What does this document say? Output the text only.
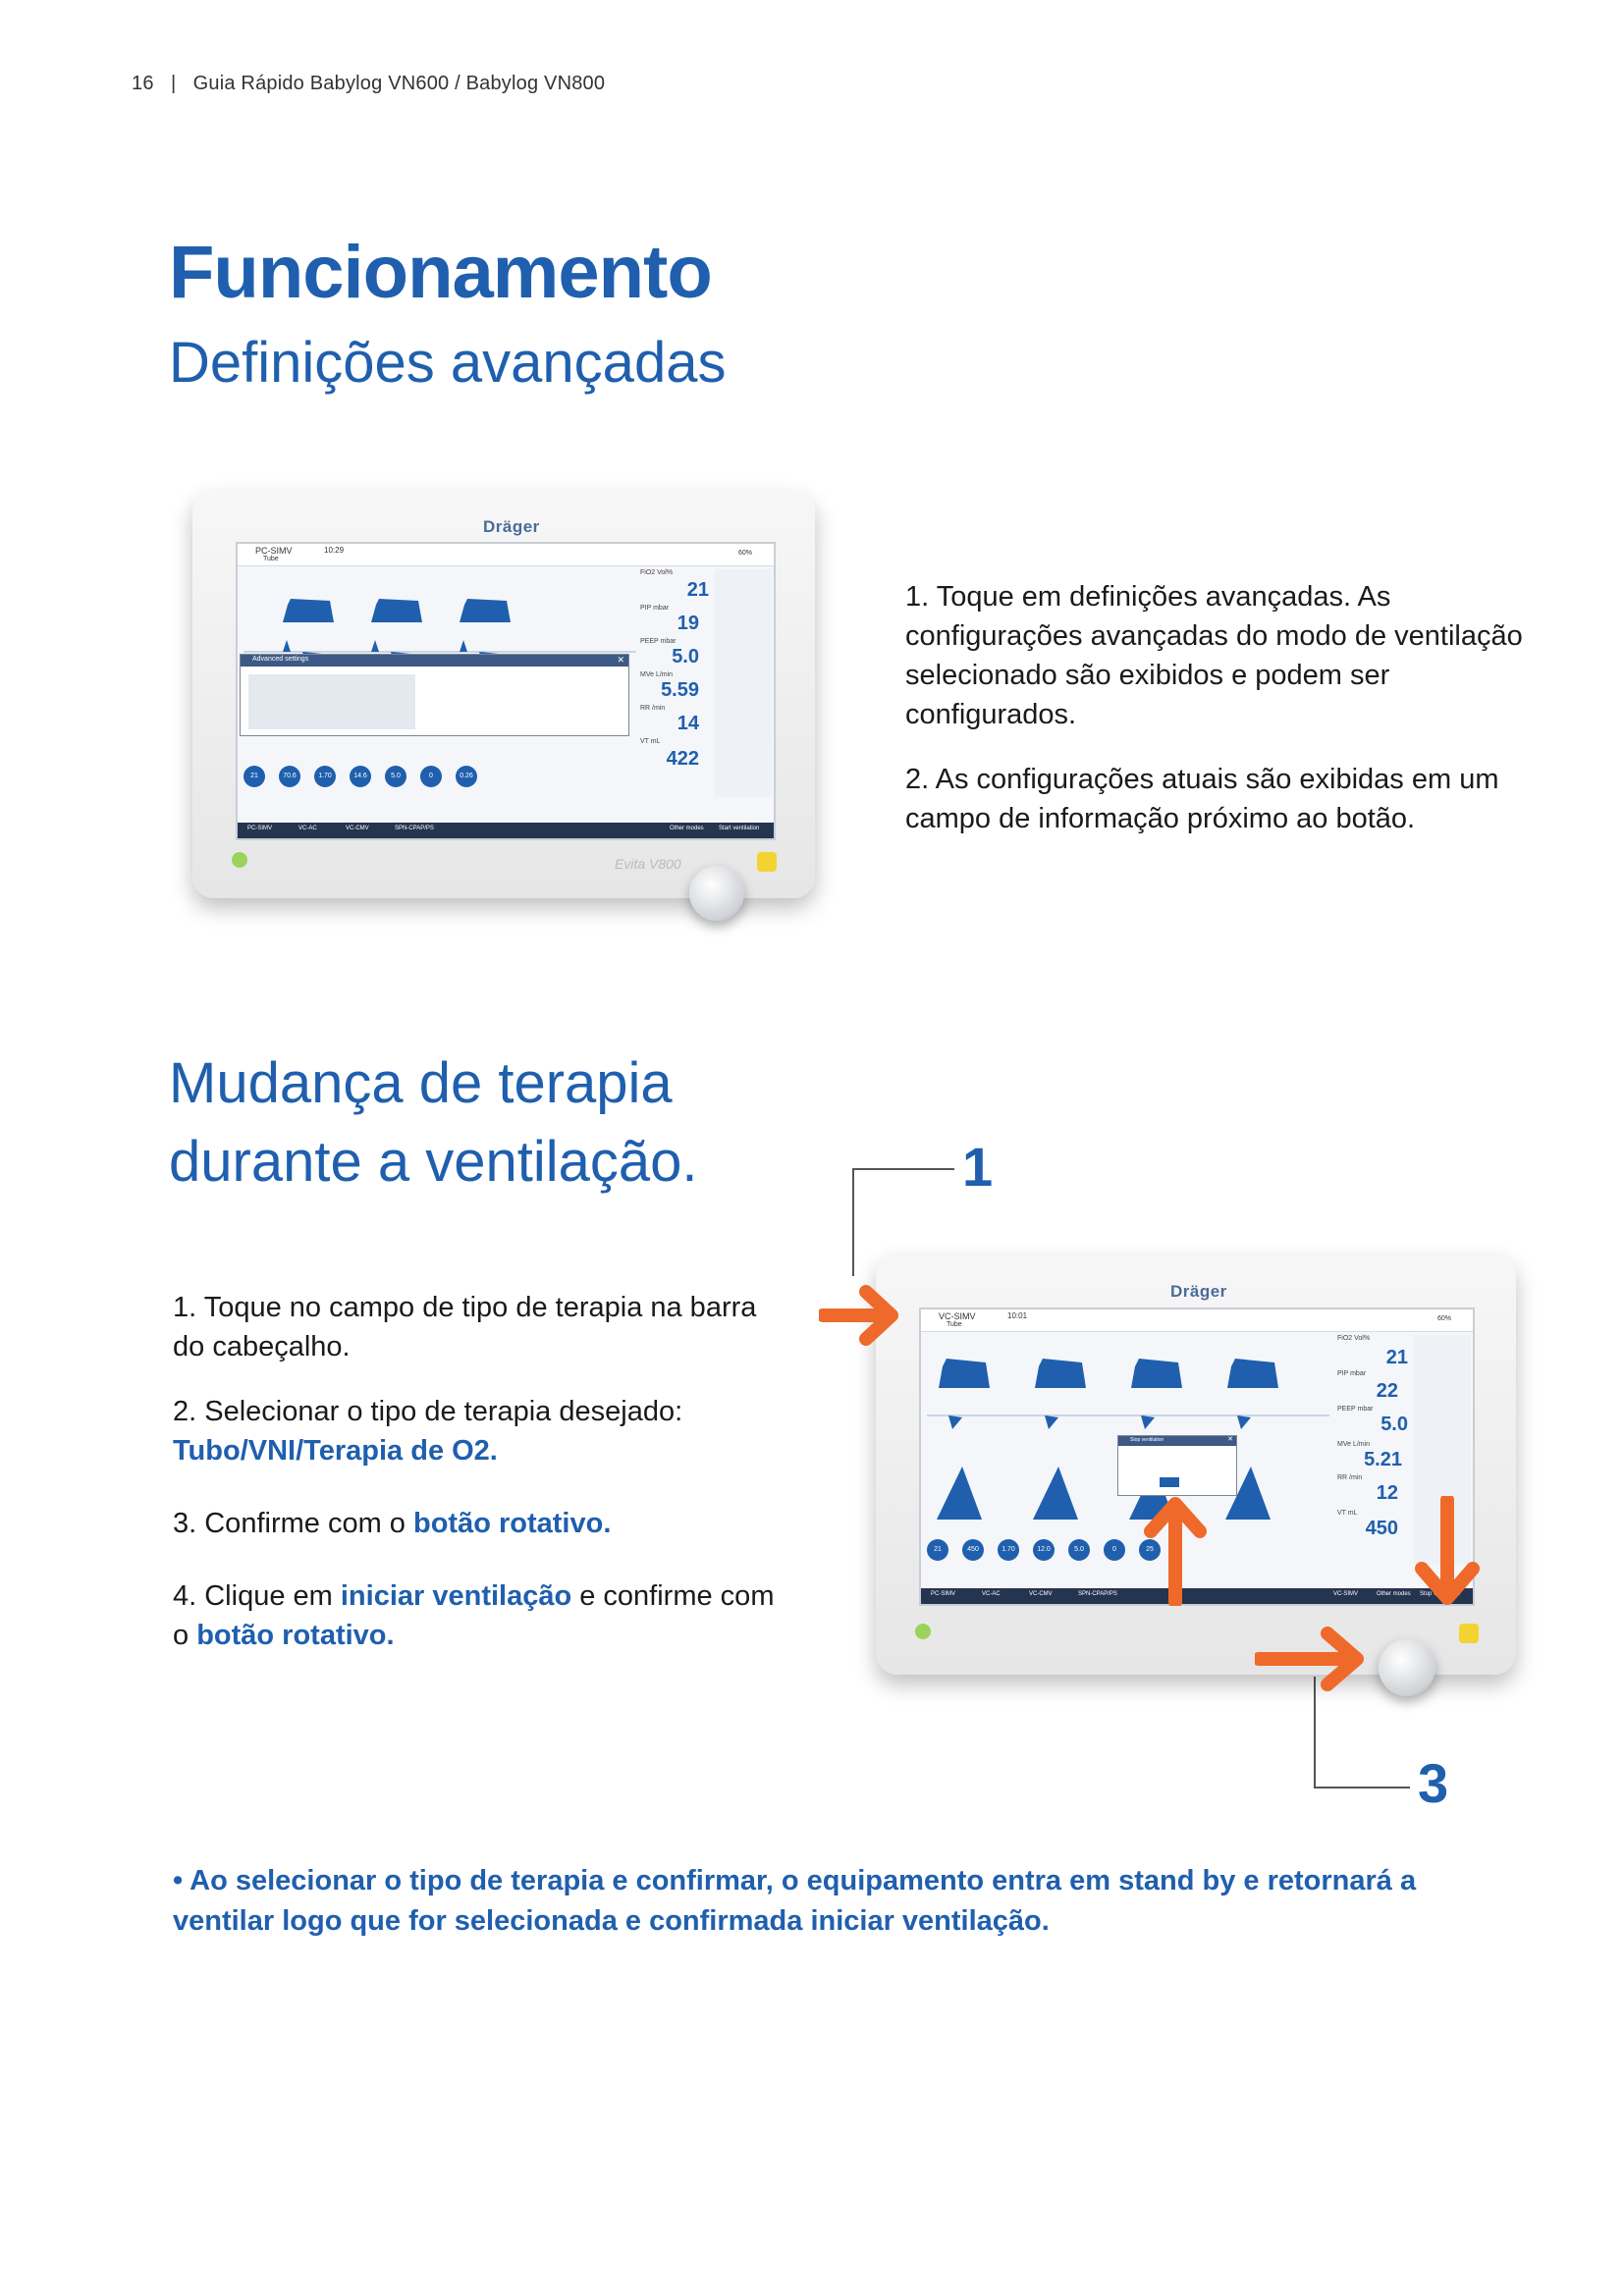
16 | Guia Rápido Babylog VN600 / Babylog VN800
Funcionamento
Definições avançadas
Dräger
PC-SIMV
Tube
10:29	60%
Advanced settings	✕
FiO2 Vol%
21
PIP mbar
19
PEEP mbar
5.0
MVe L/min
5.59
RR /min
14
VT mL
422
21	70.6	1.70	14.6	5.0	0	0.26
PC-SIMV	VC-AC	VC-CMV	SPN-CPAP/PS	Other modes	Start ventilation
Evita V800

1. Toque em definições avançadas. As configurações avançadas do modo de ventilação selecionado são exibidos e podem ser configurados.

2. As configurações atuais são exibidas em um campo de informação próximo ao botão.

Mudança de terapia
durante a ventilação.

1. Toque no campo de tipo de terapia na barra do cabeçalho.

2. Selecionar o tipo de terapia desejado:
Tubo/VNI/Terapia de O2.

3. Confirme com o botão rotativo.

4. Clique em iniciar ventilação e confirme com o botão rotativo.

1
3
Dräger
VC-SIMV
Tube
10:01	60%
Stop ventilation	✕
FiO2 Vol%
21
PIP mbar
22
PEEP mbar
5.0
MVe L/min
5.21
RR /min
12
VT mL
450
21	450	1.70	12.0	5.0	0	25
PC-SIMV	VC-AC	VC-CMV	SPN-CPAP/PS	VC-SIMV	Other modes Stop ventilation
• Ao selecionar o tipo de terapia e confirmar, o equipamento entra em stand by e retornará a ventilar logo que for selecionada e confirmada iniciar ventilação.
